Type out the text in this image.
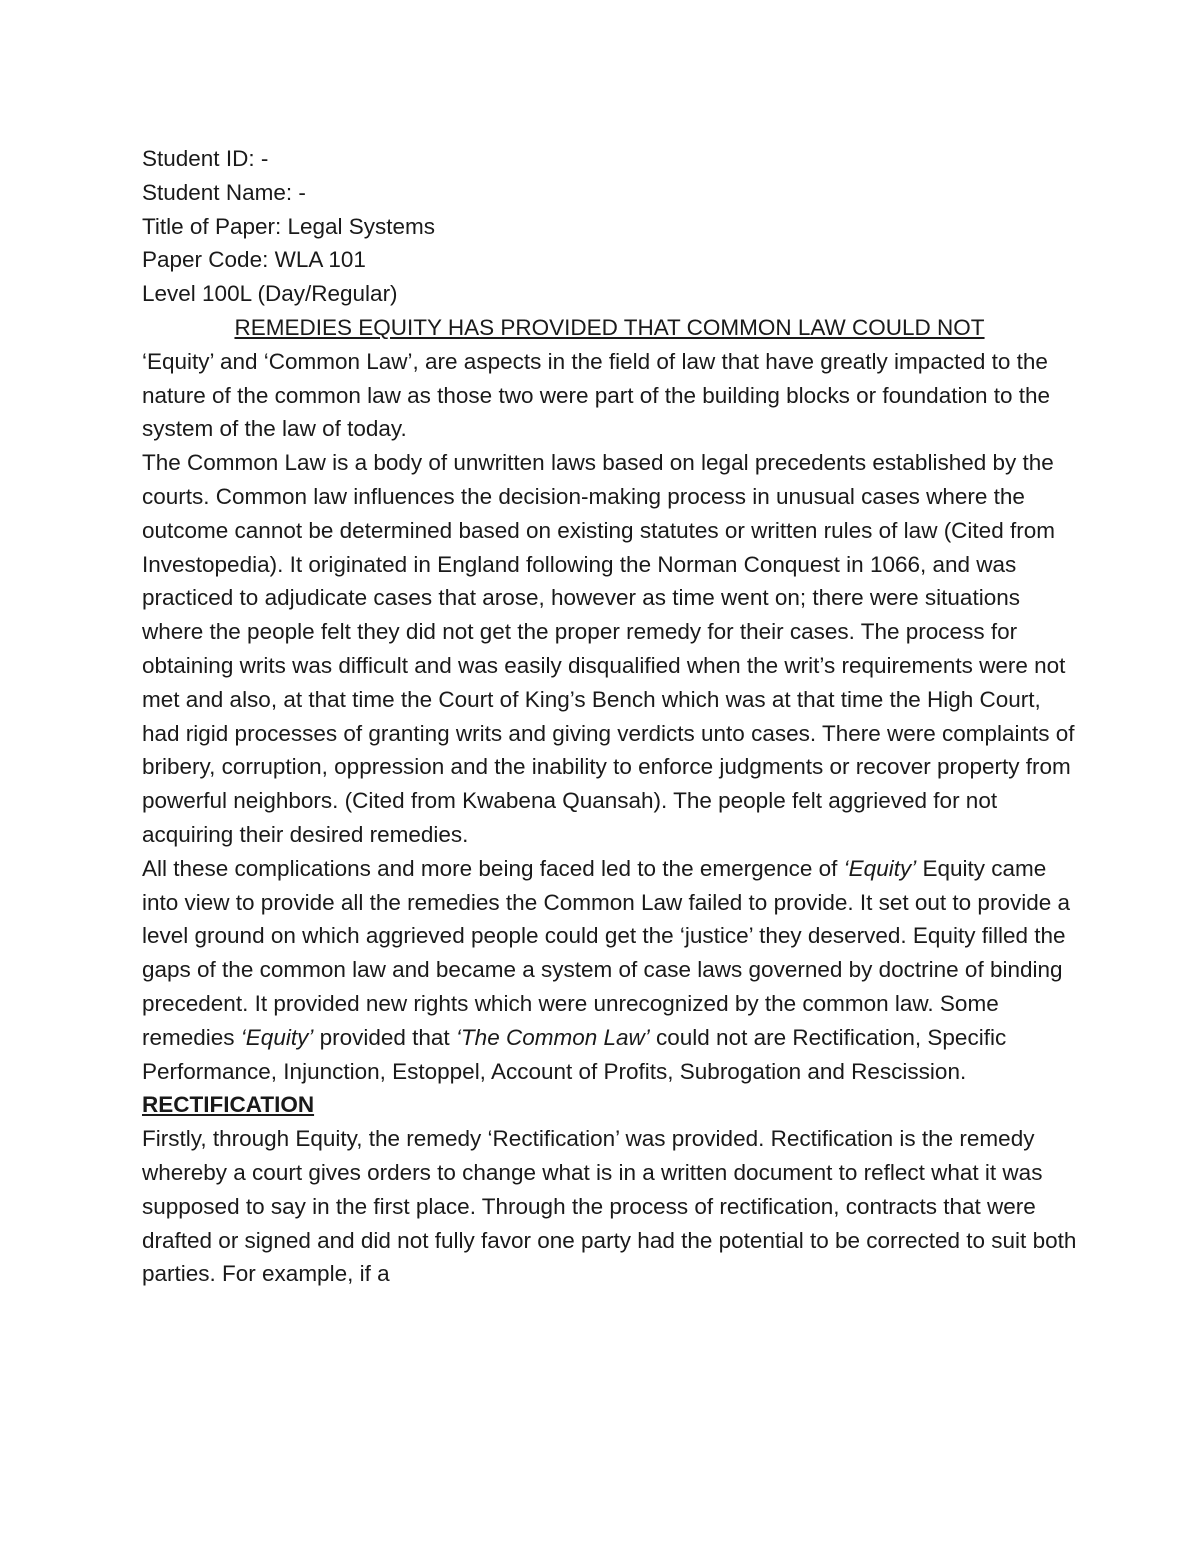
Student ID: -
Student Name: -
Title of Paper: Legal Systems
Paper Code: WLA 101
Level 100L (Day/Regular)
REMEDIES EQUITY HAS PROVIDED THAT COMMON LAW COULD NOT

‘Equity’ and ‘Common Law’, are aspects in the field of law that have greatly impacted to the nature of the common law as those two were part of the building blocks or foundation to the system of the law of today.

The Common Law is a body of unwritten laws based on legal precedents established by the courts. Common law influences the decision-making process in unusual cases where the outcome cannot be determined based on existing statutes or written rules of law (Cited from Investopedia). It originated in England following the Norman Conquest in 1066, and was practiced to adjudicate cases that arose, however as time went on; there were situations where the people felt they did not get the proper remedy for their cases. The process for obtaining writs was difficult and was easily disqualified when the writ’s requirements were not met and also, at that time the Court of King’s Bench which was at that time the High Court, had rigid processes of granting writs and giving verdicts unto cases. There were complaints of bribery, corruption, oppression and the inability to enforce judgments or recover property from powerful neighbors. (Cited from Kwabena Quansah). The people felt aggrieved for not acquiring their desired remedies.

All these complications and more being faced led to the emergence of ‘Equity’ Equity came into view to provide all the remedies the Common Law failed to provide. It set out to provide a level ground on which aggrieved people could get the ‘justice’ they deserved. Equity filled the gaps of the common law and became a system of case laws governed by doctrine of binding precedent. It provided new rights which were unrecognized by the common law. Some remedies ‘Equity’ provided that ‘The Common Law’ could not are Rectification, Specific Performance, Injunction, Estoppel, Account of Profits, Subrogation and Rescission.

RECTIFICATION

Firstly, through Equity, the remedy ‘Rectification’ was provided. Rectification is the remedy whereby a court gives orders to change what is in a written document to reflect what it was supposed to say in the first place. Through the process of rectification, contracts that were drafted or signed and did not fully favor one party had the potential to be corrected to suit both parties. For example, if a
